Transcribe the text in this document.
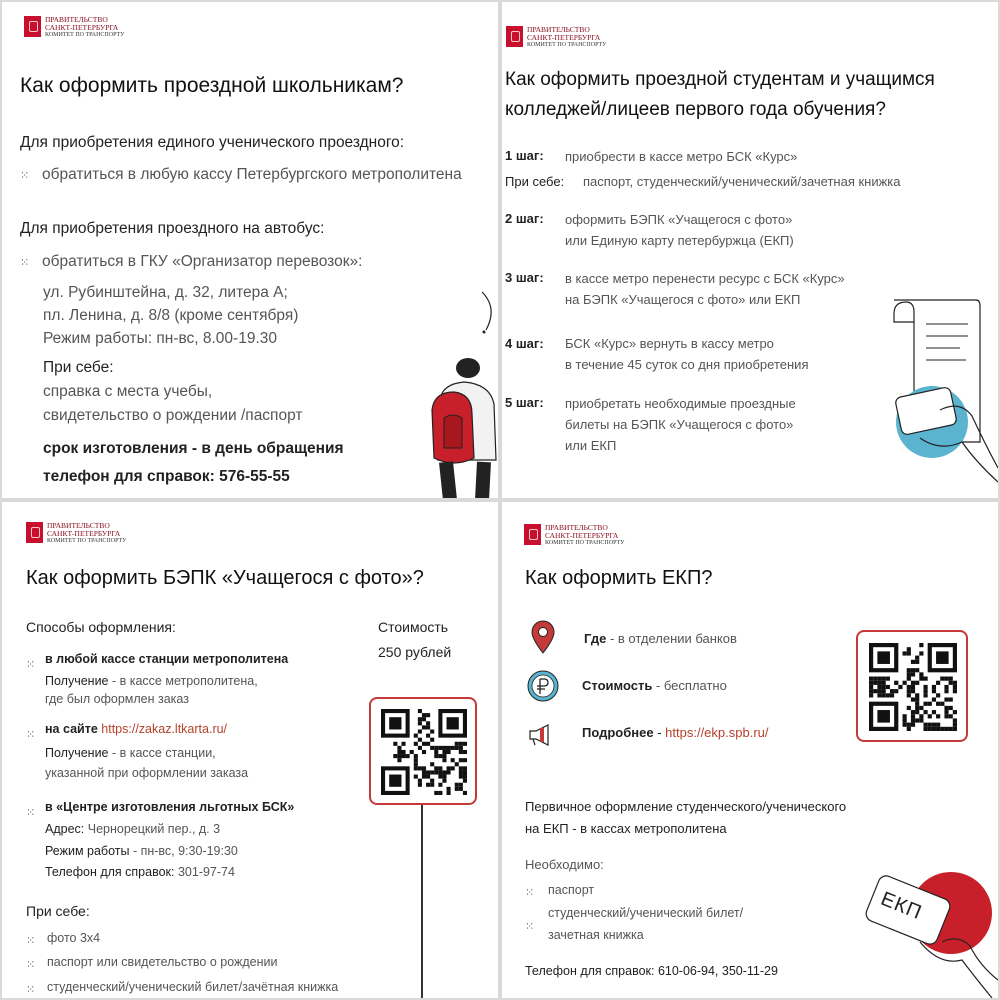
ПРАВИТЕЛЬСТВО
САНКТ-ПЕТЕРБУРГА
КОМИТЕТ ПО ТРАНСПОРТУ
Как оформить проездной школьникам?
Для приобретения единого ученического проездного:
⁙ обратиться в любую кассу Петербургского метрополитена
Для приобретения проездного на автобус:
⁙ обратиться в ГКУ «Организатор перевозок»:
ул. Рубинштейна, д. 32, литера А;
пл. Ленина, д. 8/8 (кроме сентября)
Режим работы: пн-вс, 8.00-19.30
При себе:
справка с места учебы,
свидетельство о рождении /паспорт
срок изготовления - в день обращения
телефон для справок: 576-55-55
ПРАВИТЕЛЬСТВО
САНКТ-ПЕТЕРБУРГА
КОМИТЕТ ПО ТРАНСПОРТУ
Как оформить проездной студентам и учащимся
колледжей/лицеев первого года обучения?
1 шаг: приобрести в кассе метро БСК «Курс»
При себе: паспорт, студенческий/ученический/зачетная книжка
2 шаг: оформить БЭПК «Учащегося с фото»
или Единую карту петербуржца (ЕКП)
3 шаг: в кассе метро перенести ресурс с БСК «Курс»
на БЭПК «Учащегося с фото» или ЕКП
4 шаг: БСК «Курс» вернуть в кассу метро
в течение 45 суток со дня приобретения
5 шаг: приобретать необходимые проездные
билеты на БЭПК «Учащегося с фото»
или ЕКП
ПРАВИТЕЛЬСТВО
САНКТ-ПЕТЕРБУРГА
КОМИТЕТ ПО ТРАНСПОРТУ
Как оформить БЭПК «Учащегося с фото»?
Способы оформления:	Стоимость
250 рублей
⁙ в любой кассе станции метрополитена
Получение - в кассе метрополитена,
где был оформлен заказ
⁙ на сайте https://zakaz.ltkarta.ru/
Получение - в кассе станции,
указанной при оформлении заказа
⁙ в «Центре изготовления льготных БСК»
Адрес: Чернорецкий пер., д. 3
Режим работы - пн-вс, 9:30-19:30
Телефон для справок: 301-97-74
При себе:
⁙ фото 3х4
⁙ паспорт или свидетельство о рождении
⁙ студенческий/ученический билет/зачётная книжка
ПРАВИТЕЛЬСТВО
САНКТ-ПЕТЕРБУРГА
КОМИТЕТ ПО ТРАНСПОРТУ
Как оформить ЕКП?
Где - в отделении банков
Стоимость - бесплатно
Подробнее - https://ekp.spb.ru/
Первичное оформление студенческого/ученического
на ЕКП - в кассах метрополитена
Необходимо:
⁙ паспорт
⁙
студенческий/ученический билет/
зачетная книжка
Телефон для справок: 610-06-94, 350-11-29
ЕКП
